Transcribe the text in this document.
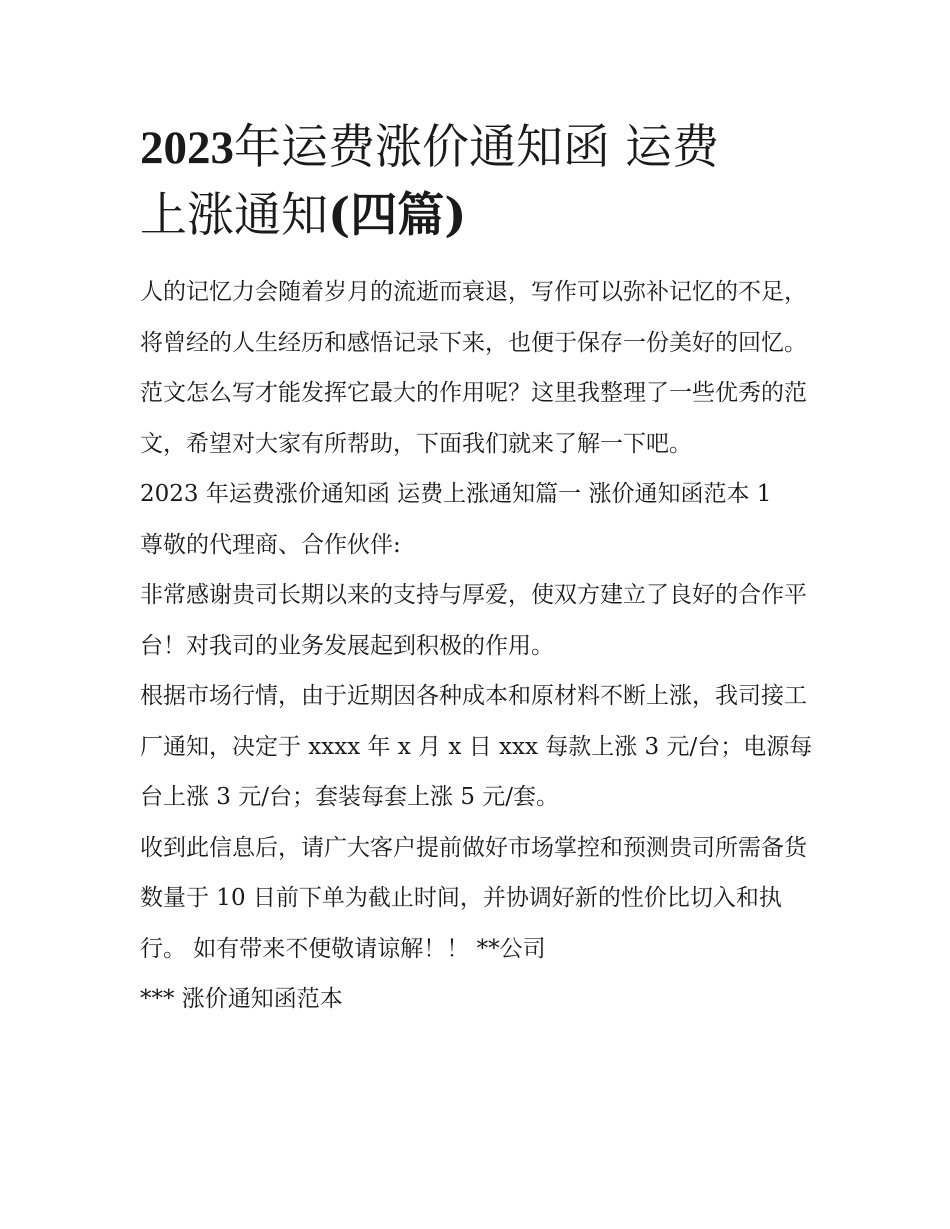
2023年运费涨价通知函 运费
上涨通知(四篇)

人的记忆力会随着岁月的流逝而衰退，写作可以弥补记忆的不足，将曾经的人生经历和感悟记录下来，也便于保存一份美好的回忆。范文怎么写才能发挥它最大的作用呢？这里我整理了一些优秀的范文，希望对大家有所帮助，下面我们就来了解一下吧。

2023 年运费涨价通知函 运费上涨通知篇一 涨价通知函范本 1

尊敬的代理商、合作伙伴:

非常感谢贵司长期以来的支持与厚爱，使双方建立了良好的合作平台！对我司的业务发展起到积极的作用。

根据市场行情，由于近期因各种成本和原材料不断上涨，我司接工厂通知，决定于 xxxx 年 x 月 x 日 xxx 每款上涨 3 元/台；电源每台上涨 3 元/台；套装每套上涨 5 元/套。

收到此信息后，请广大客户提前做好市场掌控和预测贵司所需备货数量于 10 日前下单为截止时间，并协调好新的性价比切入和执行。 如有带来不便敬请谅解！！ **公司

*** 涨价通知函范本
